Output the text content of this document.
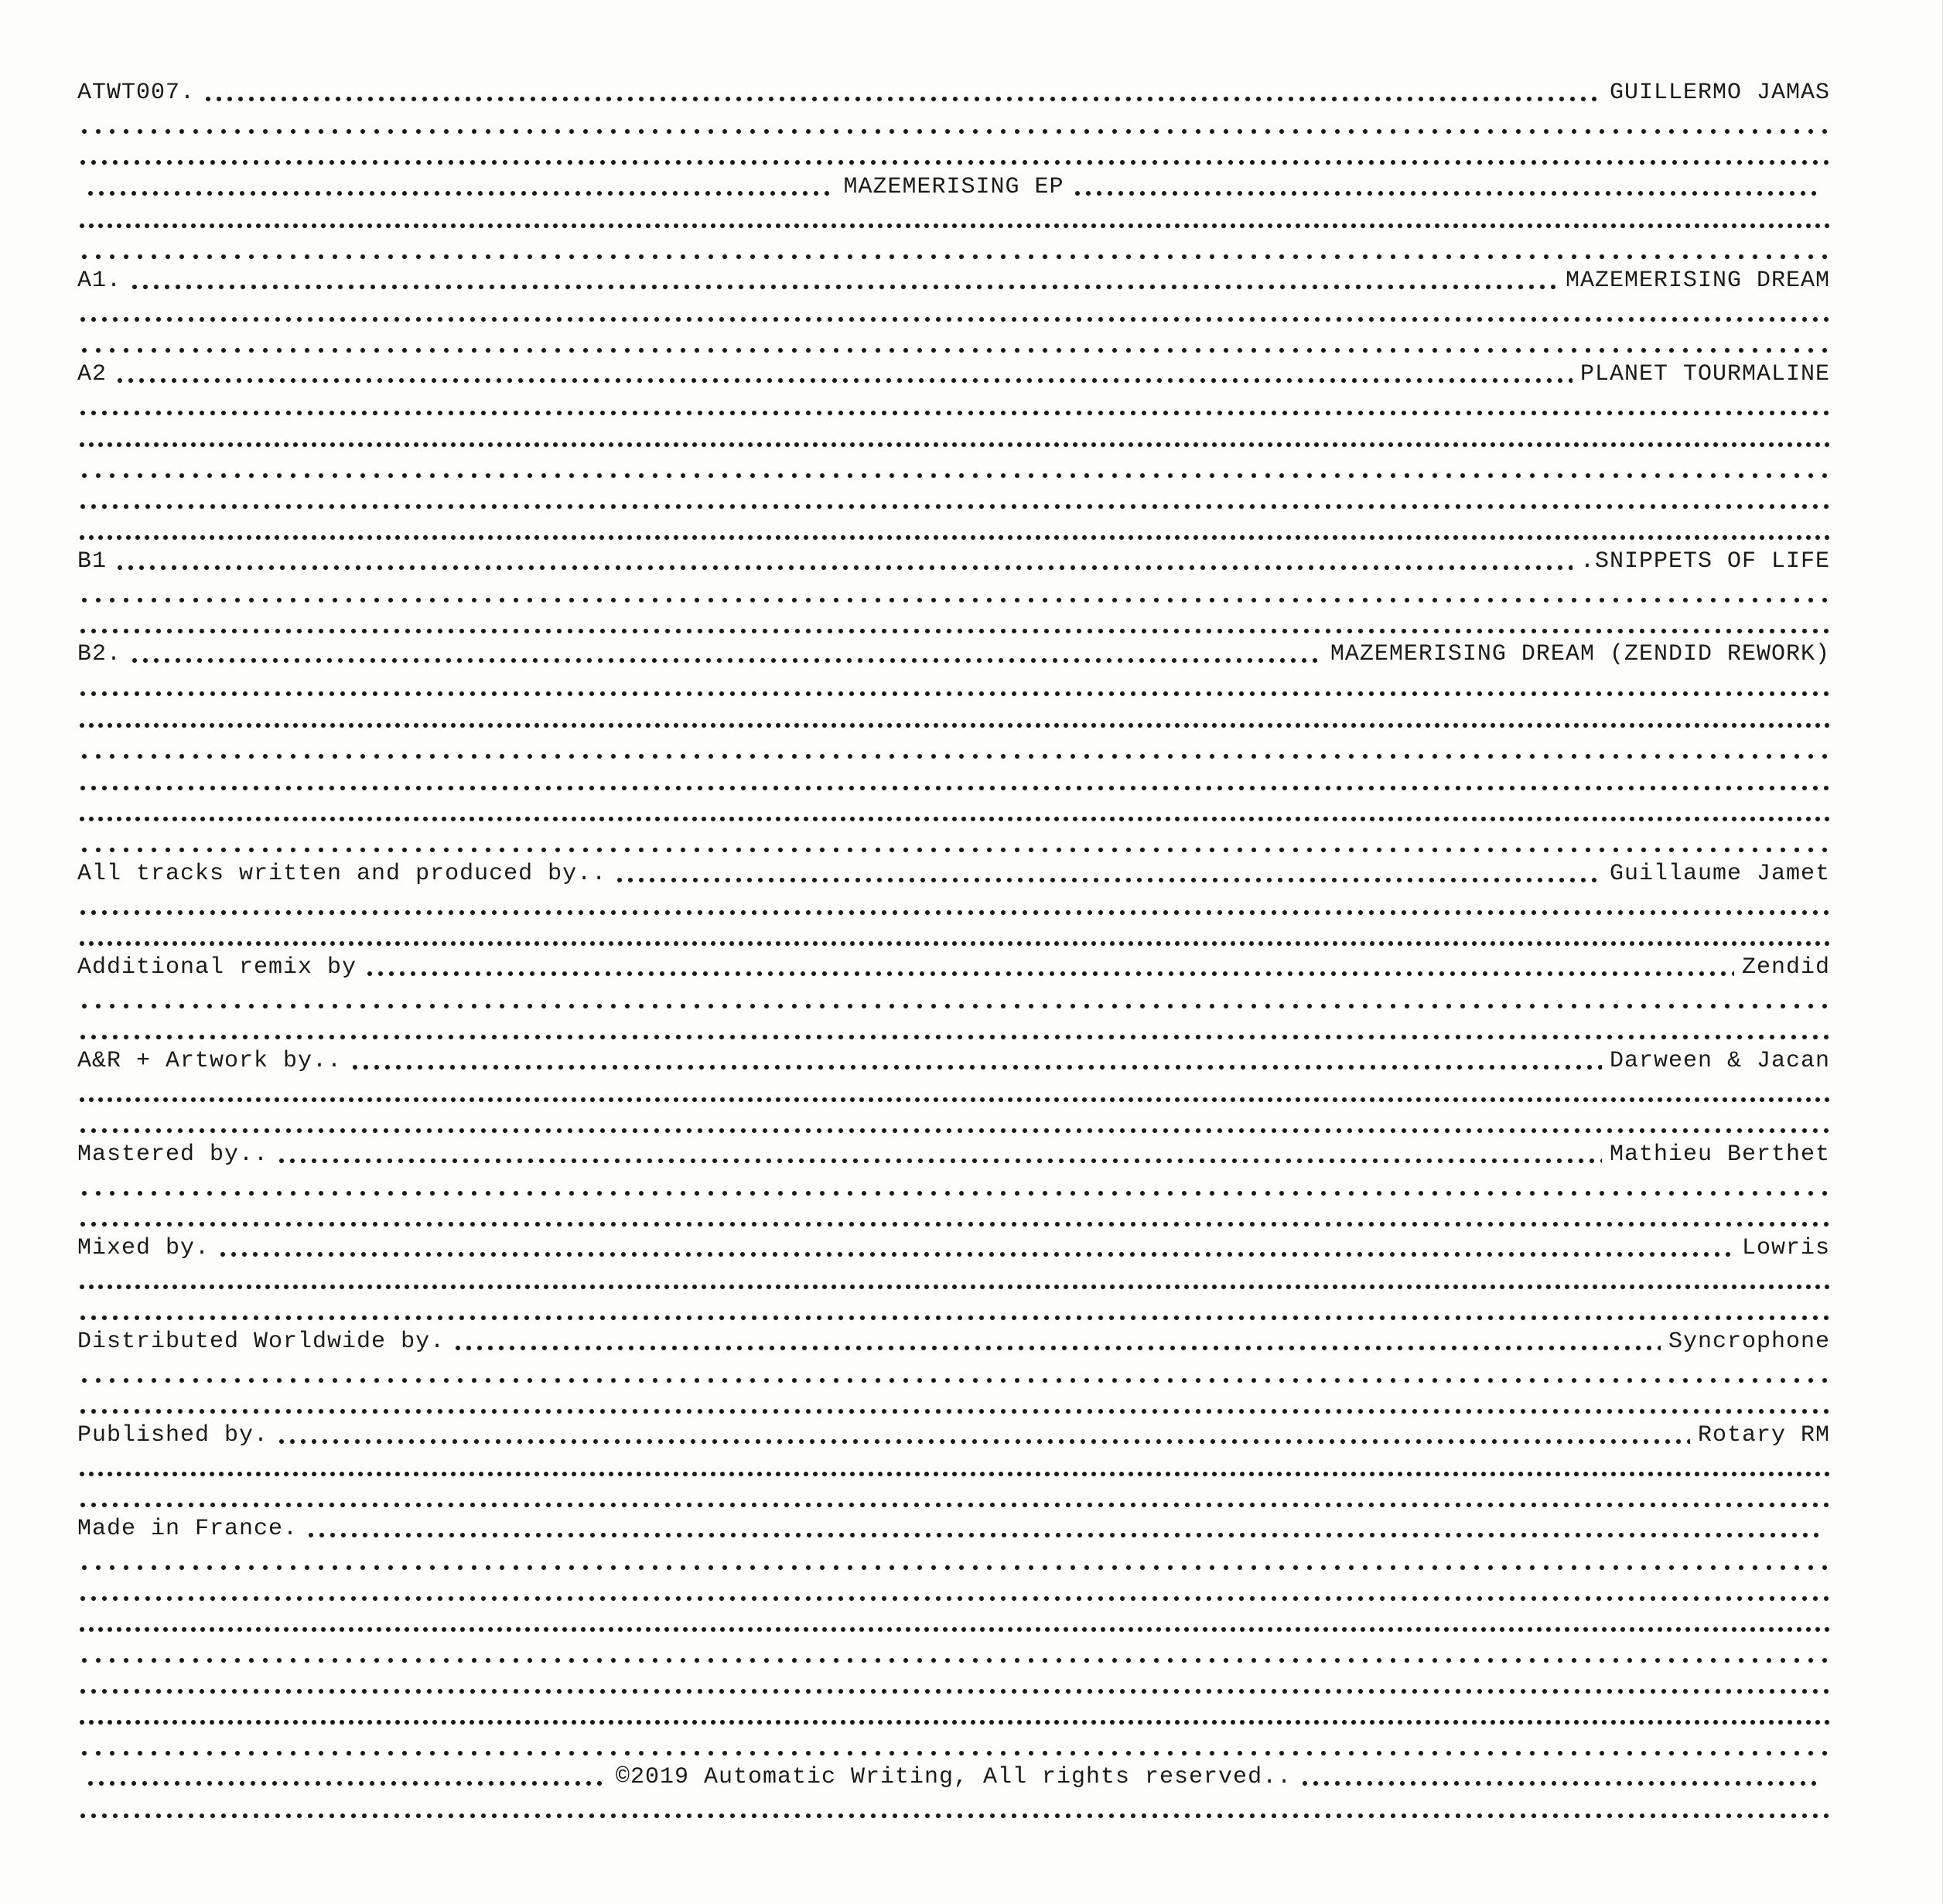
ATWT007.	GUILLERMO JAMAS
MAZEMERISING EP
A1.	MAZEMERISING DREAM
A2	PLANET TOURMALINE
B1	.SNIPPETS OF LIFE
B2.	MAZEMERISING DREAM (ZENDID REWORK)
All tracks written and produced by..	Guillaume Jamet
Additional remix by	Zendid
A&R + Artwork by..	Darween & Jacan
Mastered by..	Mathieu Berthet
Mixed by.	Lowris
Distributed Worldwide by.	Syncrophone
Published by.	Rotary RM
Made in France.
©2019 Automatic Writing, All rights reserved..
